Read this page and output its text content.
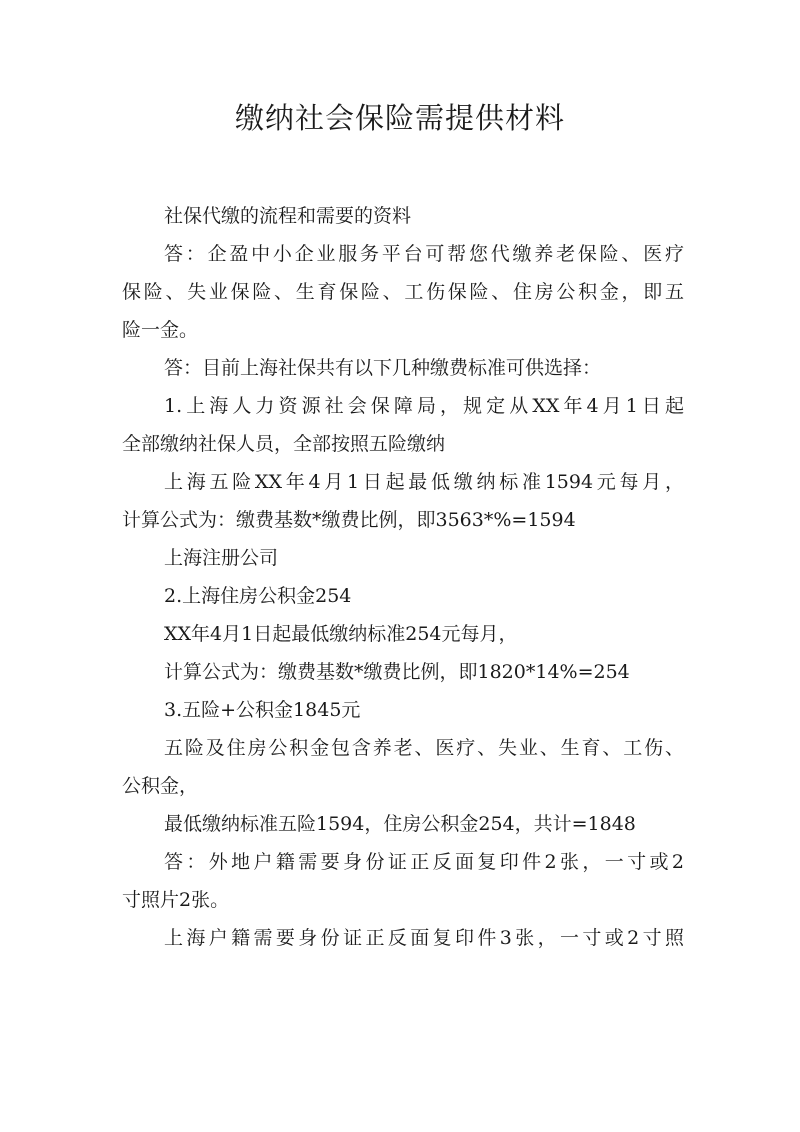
缴纳社会保险需提供材料

社保代缴的流程和需要的资料

答：企盈中小企业服务平台可帮您代缴养老保险、医疗

保险、失业保险、生育保险、工伤保险、住房公积金，即五

险一金。

答：目前上海社保共有以下几种缴费标准可供选择：

1.上海人力资源社会保障局，规定从XX年4月1日起

全部缴纳社保人员，全部按照五险缴纳

上海五险XX年4月1日起最低缴纳标准1594元每月，

计算公式为：缴费基数*缴费比例，即3563*%=1594

上海注册公司

2.上海住房公积金254

XX年4月1日起最低缴纳标准254元每月，

计算公式为：缴费基数*缴费比例，即1820*14%=254

3.五险+公积金1845元

五险及住房公积金包含养老、医疗、失业、生育、工伤、

公积金，

最低缴纳标准五险1594，住房公积金254，共计=1848

答：外地户籍需要身份证正反面复印件2张，一寸或2

寸照片2张。

上海户籍需要身份证正反面复印件3张，一寸或2寸照
